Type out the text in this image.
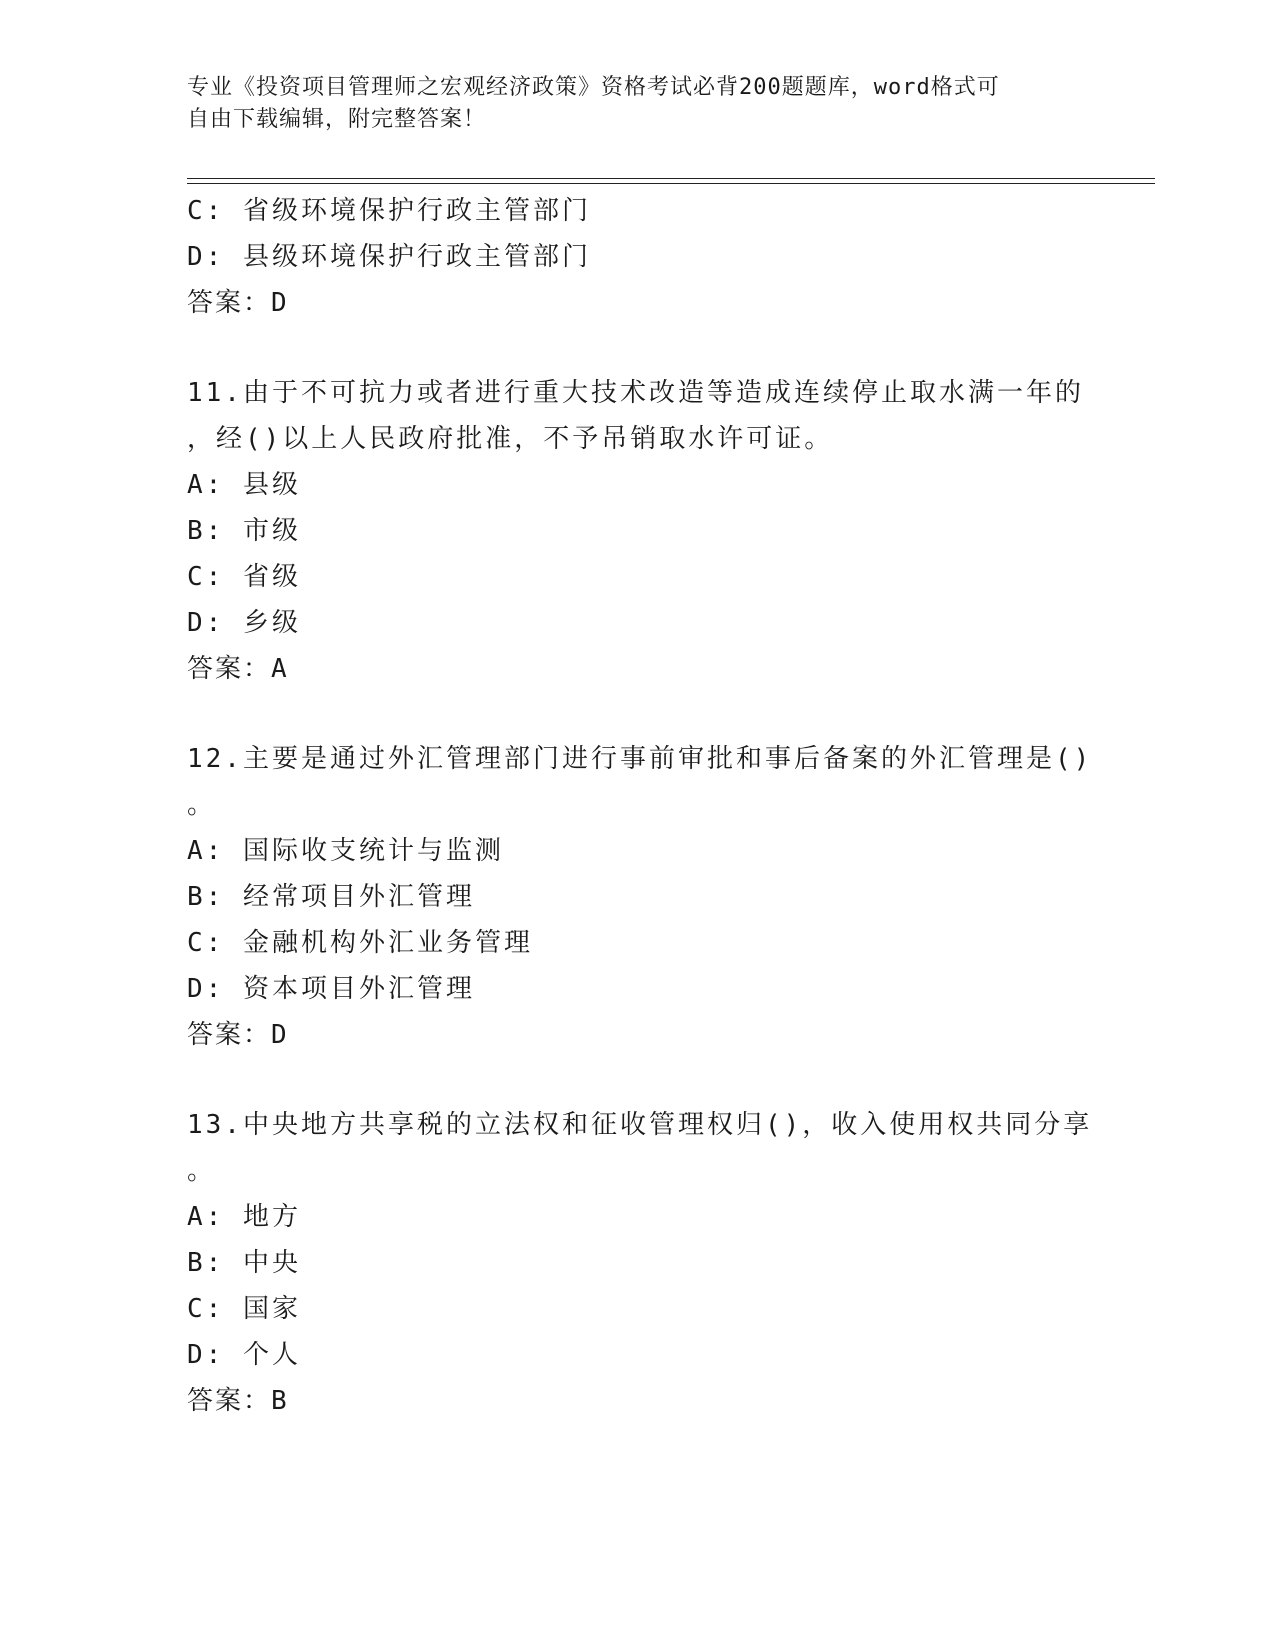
专业《投资项目管理师之宏观经济政策》资格考试必背200题题库，word格式可
自由下载编辑，附完整答案！
C: 省级环境保护行政主管部门
D: 县级环境保护行政主管部门
答案：D
11.由于不可抗力或者进行重大技术改造等造成连续停止取水满一年的
，经()以上人民政府批准，不予吊销取水许可证。
A: 县级
B: 市级
C: 省级
D: 乡级
答案：A
12.主要是通过外汇管理部门进行事前审批和事后备案的外汇管理是()
。
A: 国际收支统计与监测
B: 经常项目外汇管理
C: 金融机构外汇业务管理
D: 资本项目外汇管理
答案：D
13.中央地方共享税的立法权和征收管理权归()，收入使用权共同分享
。
A: 地方
B: 中央
C: 国家
D: 个人
答案：B
